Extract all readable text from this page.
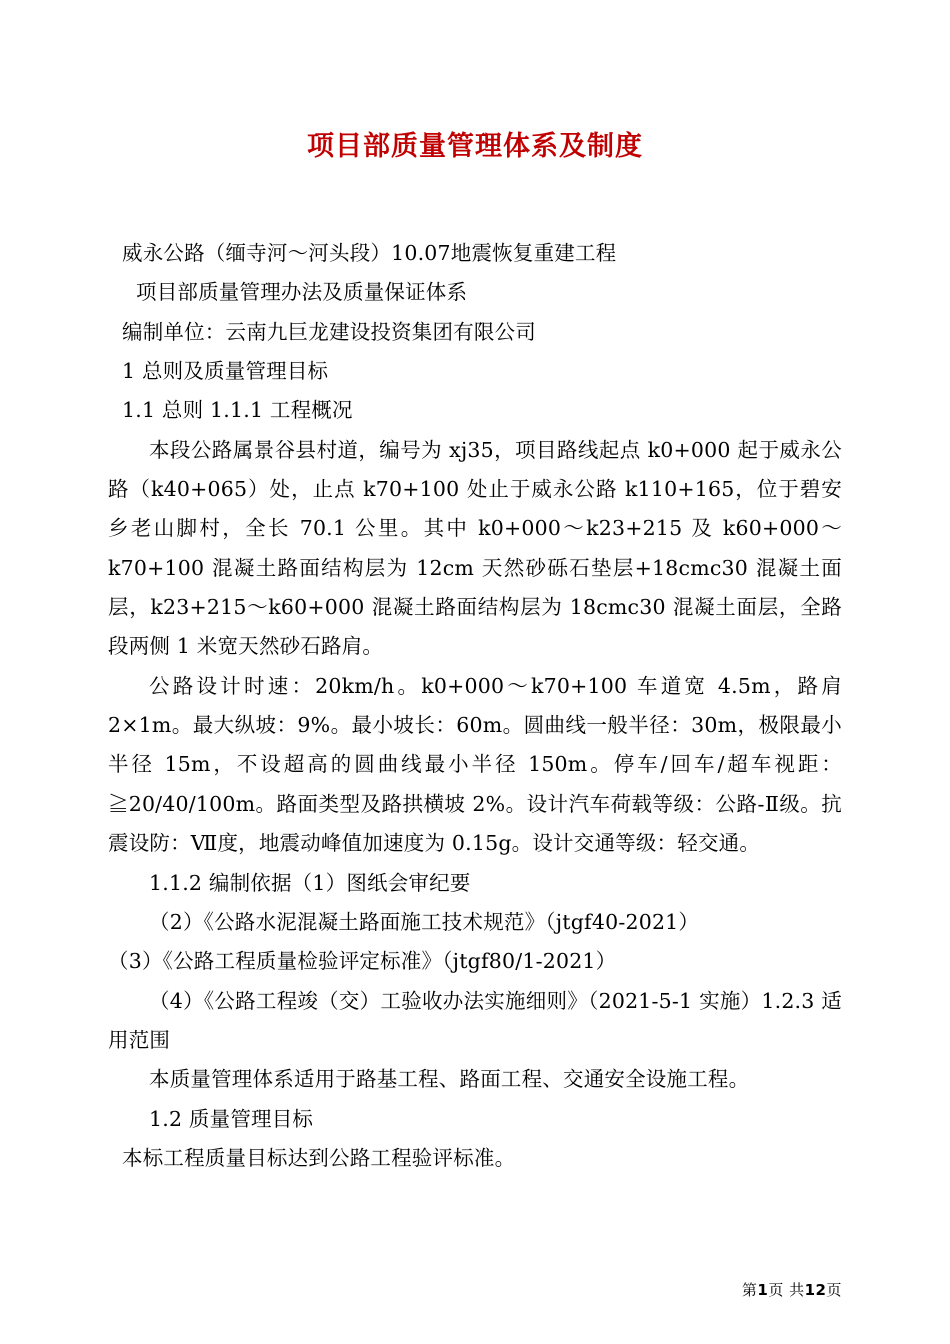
项目部质量管理体系及制度

威永公路（缅寺河～河头段）10.07地震恢复重建工程

项目部质量管理办法及质量保证体系

编制单位：云南九巨龙建设投资集团有限公司

1 总则及质量管理目标

1.1 总则 1.1.1 工程概况

本段公路属景谷县村道，编号为 xj35，项目路线起点 k0+000 起于威永公路（k40+065）处，止点 k70+100 处止于威永公路 k110+165，位于碧安乡老山脚村，全长 70.1 公里。其中 k0+000～k23+215 及 k60+000～k70+100 混凝土路面结构层为 12cm 天然砂砾石垫层+18cmc30 混凝土面层，k23+215～k60+000 混凝土路面结构层为 18cmc30 混凝土面层，全路段两侧 1 米宽天然砂石路肩。

公路设计时速：20km/h。k0+000～k70+100 车道宽 4.5m，路肩 2×1m。最大纵坡：9%。最小坡长：60m。圆曲线一般半径：30m，极限最小半径 15m，不设超高的圆曲线最小半径 150m。停车/回车/超车视距：≧20/40/100m。路面类型及路拱横坡 2%。设计汽车荷载等级：公路-Ⅱ级。抗震设防：Ⅶ度，地震动峰值加速度为 0.15g。设计交通等级：轻交通。

1.1.2 编制依据（1）图纸会审纪要

（2）《公路水泥混凝土路面施工技术规范》（jtgf40-2021）

（3）《公路工程质量检验评定标准》（jtgf80/1-2021）

（4）《公路工程竣（交）工验收办法实施细则》（2021-5-1 实施）1.2.3 适用范围

本质量管理体系适用于路基工程、路面工程、交通安全设施工程。

1.2 质量管理目标

本标工程质量目标达到公路工程验评标准。

第1页 共12页
